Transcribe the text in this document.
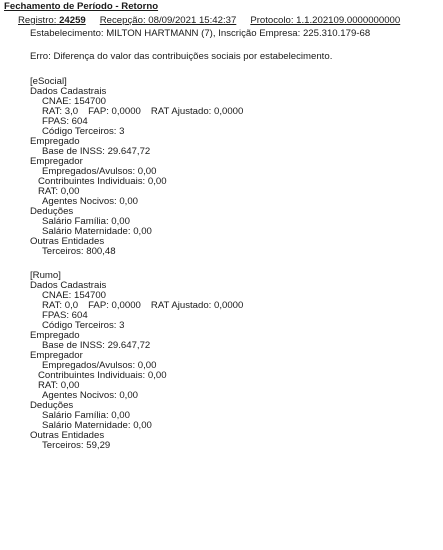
Fechamento de Período - Retorno
Registro: 24259 Recepção: 08/09/2021 15:42:37 Protocolo: 1.1.202109.0000000000
Estabelecimento: MILTON HARTMANN (7), Inscrição Empresa: 225.310.179-68
Erro: Diferença do valor das contribuições sociais por estabelecimento.
[eSocial]
Dados Cadastrais
CNAE: 154700
RAT: 3,0 FAP: 0,0000 RAT Ajustado: 0,0000
FPAS: 604
Código Terceiros: 3
Empregado
Base de INSS: 29.647,72
Empregador
Empregados/Avulsos: 0,00
Contribuintes Individuais: 0,00
RAT: 0,00
Agentes Nocivos: 0,00
Deduções
Salário Família: 0,00
Salário Maternidade: 0,00
Outras Entidades
Terceiros: 800,48
[Rumo]
Dados Cadastrais
CNAE: 154700
RAT: 0,0 FAP: 0,0000 RAT Ajustado: 0,0000
FPAS: 604
Código Terceiros: 3
Empregado
Base de INSS: 29.647,72
Empregador
Empregados/Avulsos: 0,00
Contribuintes Individuais: 0,00
RAT: 0,00
Agentes Nocivos: 0,00
Deduções
Salário Família: 0,00
Salário Maternidade: 0,00
Outras Entidades
Terceiros: 59,29
